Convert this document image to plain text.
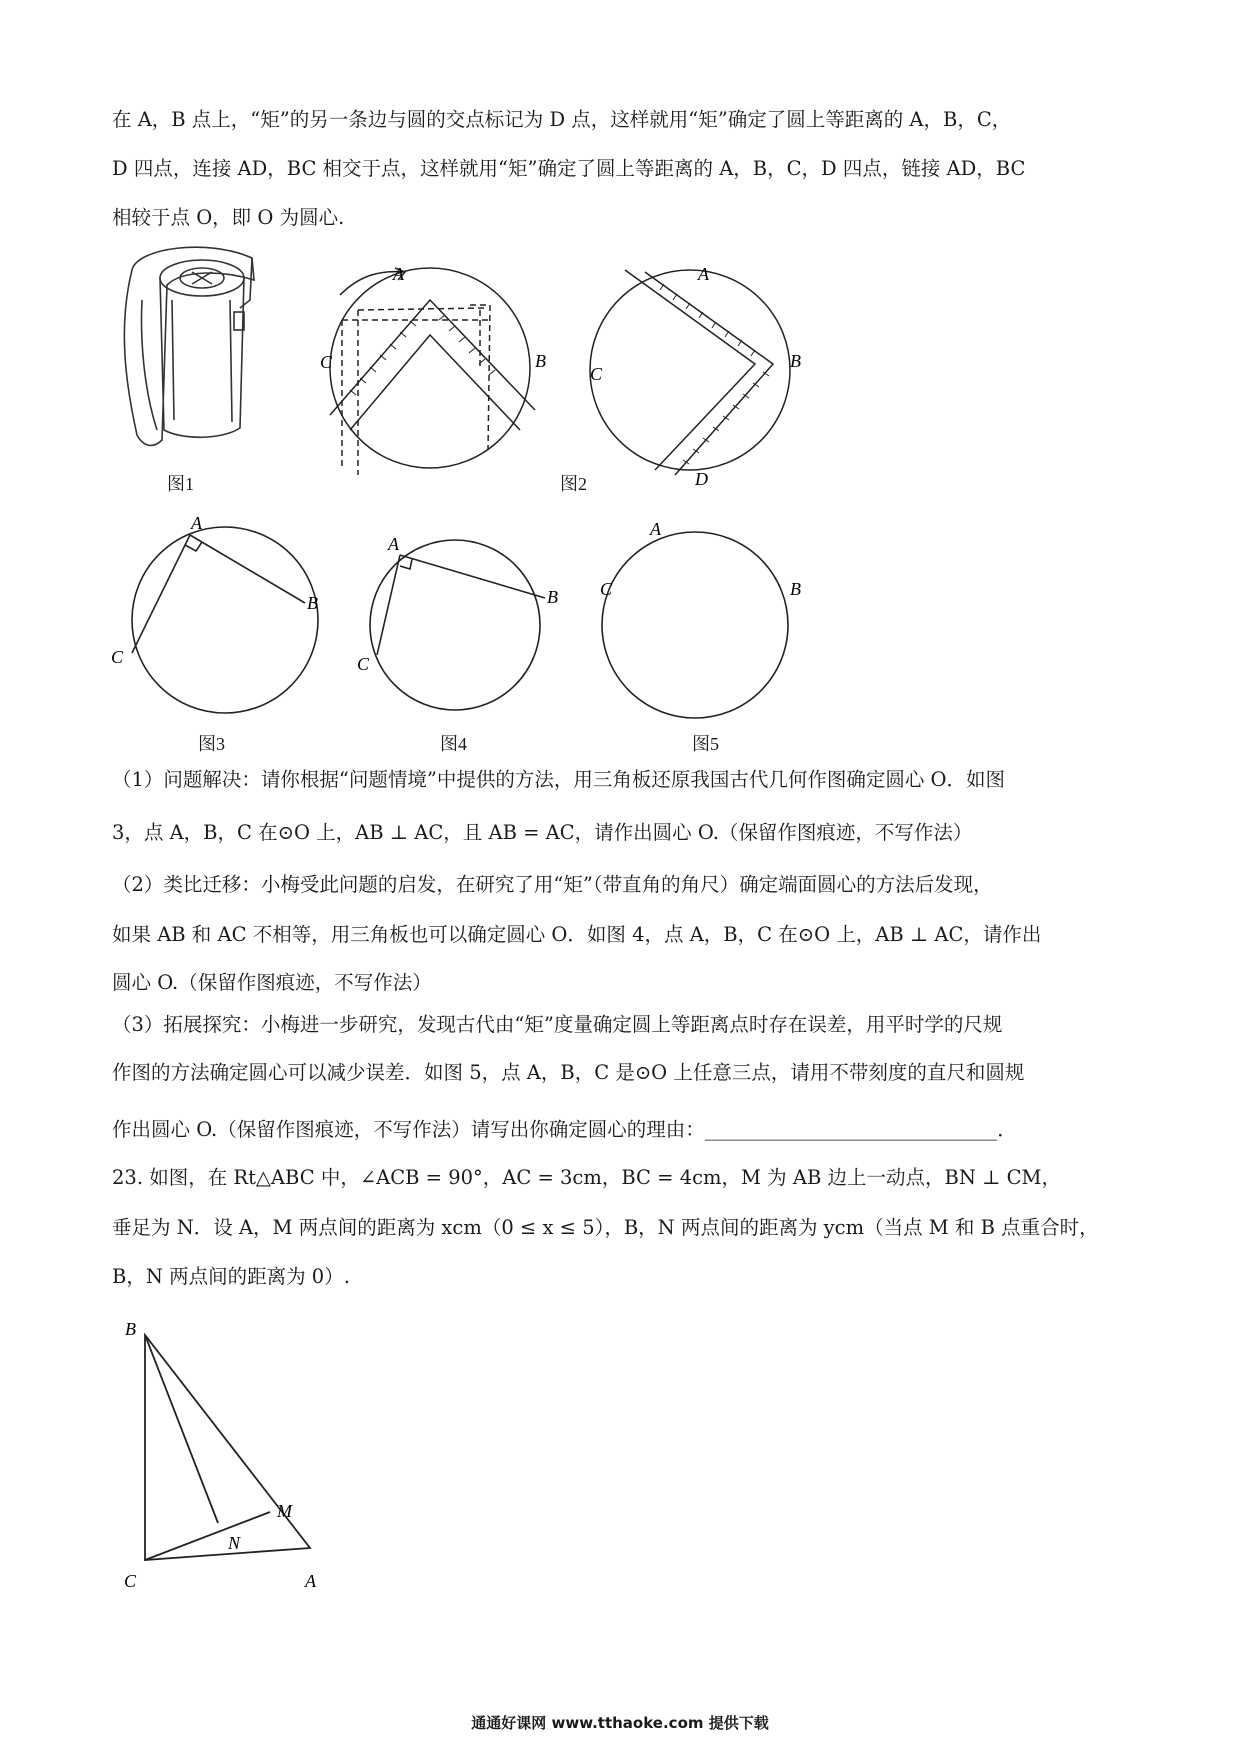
在 A，B 点上，“矩”的另一条边与圆的交点标记为 D 点，这样就用“矩”确定了圆上等距离的 A，B，C，
D 四点，连接 AD，BC 相交于点，这样就用“矩”确定了圆上等距离的 A，B，C，D 四点，链接 AD，BC
相较于点 O，即 O 为圆心.
图1
A
B
C
A
B
C
D
图2
A
B
C
图3
A
B
C
图4
A
B
C
图5
（1）问题解决：请你根据“问题情境”中提供的方法，用三角板还原我国古代几何作图确定圆心 O．如图
3，点 A，B，C 在⊙O 上，AB ⊥ AC，且 AB = AC，请作出圆心 O.（保留作图痕迹，不写作法）
（2）类比迁移：小梅受此问题的启发，在研究了用“矩”（带直角的角尺）确定端面圆心的方法后发现，
如果 AB 和 AC 不相等，用三角板也可以确定圆心 O．如图 4，点 A，B，C 在⊙O 上，AB ⊥ AC，请作出
圆心 O.（保留作图痕迹，不写作法）
（3）拓展探究：小梅进一步研究，发现古代由“矩”度量确定圆上等距离点时存在误差，用平时学的尺规
作图的方法确定圆心可以减少误差．如图 5，点 A，B，C 是⊙O 上任意三点，请用不带刻度的直尺和圆规
作出圆心 O.（保留作图痕迹，不写作法）请写出你确定圆心的理由：______________________________．
23. 如图，在 Rt△ABC 中，∠ACB = 90°，AC = 3cm，BC = 4cm，M 为 AB 边上一动点，BN ⊥ CM，
垂足为 N．设 A，M 两点间的距离为 xcm（0 ≤ x ≤ 5），B，N 两点间的距离为 ycm（当点 M 和 B 点重合时，
B，N 两点间的距离为 0）.
B
C	A
M
N
通通好课网 www.tthaoke.com 提供下载
